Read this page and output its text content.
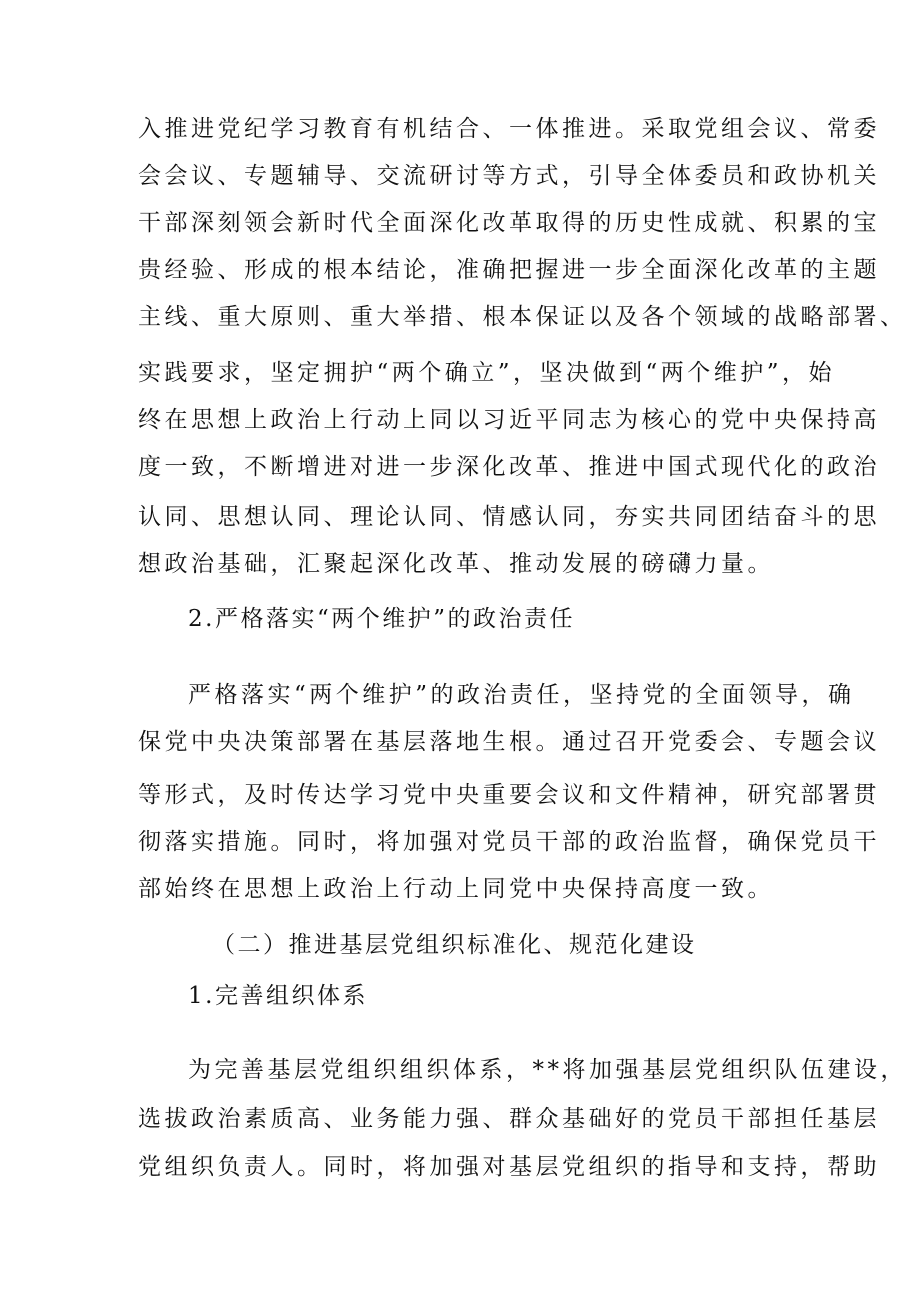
入推进党纪学习教育有机结合、一体推进。采取党组会议、常委
会会议、专题辅导、交流研讨等方式，引导全体委员和政协机关
干部深刻领会新时代全面深化改革取得的历史性成就、积累的宝
贵经验、形成的根本结论，准确把握进一步全面深化改革的主题
主线、重大原则、重大举措、根本保证以及各个领域的战略部署、
实践要求，坚定拥护“两个确立”，坚决做到“两个维护”，始
终在思想上政治上行动上同以习近平同志为核心的党中央保持高
度一致，不断增进对进一步深化改革、推进中国式现代化的政治
认同、思想认同、理论认同、情感认同，夯实共同团结奋斗的思
想政治基础，汇聚起深化改革、推动发展的磅礴力量。
2.严格落实“两个维护”的政治责任
严格落实“两个维护”的政治责任，坚持党的全面领导，确
保党中央决策部署在基层落地生根。通过召开党委会、专题会议
等形式，及时传达学习党中央重要会议和文件精神，研究部署贯
彻落实措施。同时，将加强对党员干部的政治监督，确保党员干
部始终在思想上政治上行动上同党中央保持高度一致。
（二）推进基层党组织标准化、规范化建设
1.完善组织体系
为完善基层党组织组织体系，**将加强基层党组织队伍建设，
选拔政治素质高、业务能力强、群众基础好的党员干部担任基层
党组织负责人。同时，将加强对基层党组织的指导和支持，帮助
